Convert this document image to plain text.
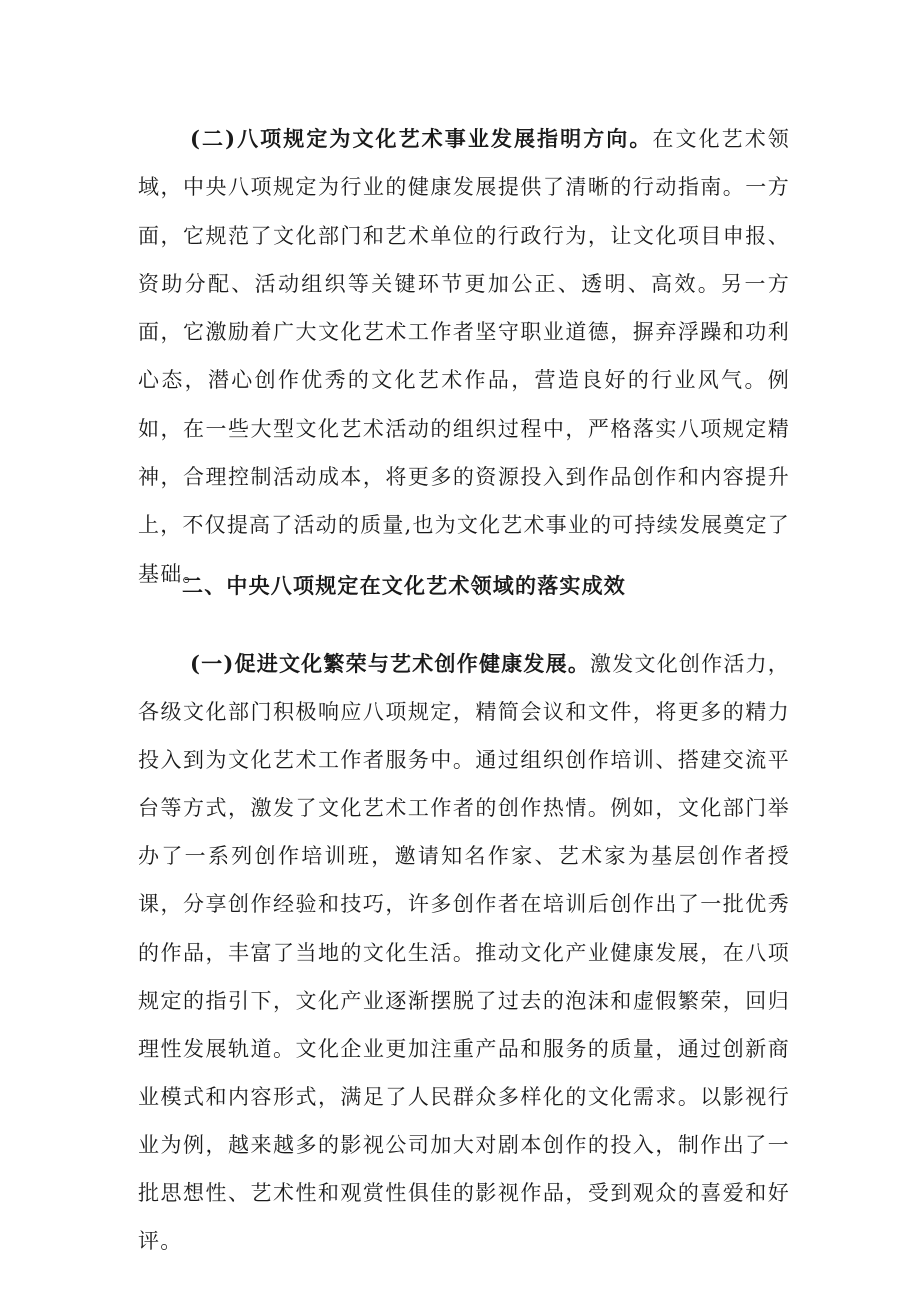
(二)八项规定为文化艺术事业发展指明方向。在文化艺术领域，中央八项规定为行业的健康发展提供了清晰的行动指南。一方面，它规范了文化部门和艺术单位的行政行为，让文化项目申报、资助分配、活动组织等关键环节更加公正、透明、高效。另一方面，它激励着广大文化艺术工作者坚守职业道德，摒弃浮躁和功利心态，潜心创作优秀的文化艺术作品，营造良好的行业风气。例如，在一些大型文化艺术活动的组织过程中，严格落实八项规定精神，合理控制活动成本，将更多的资源投入到作品创作和内容提升上，不仅提高了活动的质量,也为文化艺术事业的可持续发展奠定了基础。

二、中央八项规定在文化艺术领域的落实成效

(一)促进文化繁荣与艺术创作健康发展。激发文化创作活力，各级文化部门积极响应八项规定，精简会议和文件，将更多的精力投入到为文化艺术工作者服务中。通过组织创作培训、搭建交流平台等方式，激发了文化艺术工作者的创作热情。例如，文化部门举办了一系列创作培训班，邀请知名作家、艺术家为基层创作者授课，分享创作经验和技巧，许多创作者在培训后创作出了一批优秀的作品，丰富了当地的文化生活。推动文化产业健康发展，在八项规定的指引下，文化产业逐渐摆脱了过去的泡沫和虚假繁荣，回归理性发展轨道。文化企业更加注重产品和服务的质量，通过创新商业模式和内容形式，满足了人民群众多样化的文化需求。以影视行业为例，越来越多的影视公司加大对剧本创作的投入，制作出了一批思想性、艺术性和观赏性俱佳的影视作品，受到观众的喜爱和好评。
